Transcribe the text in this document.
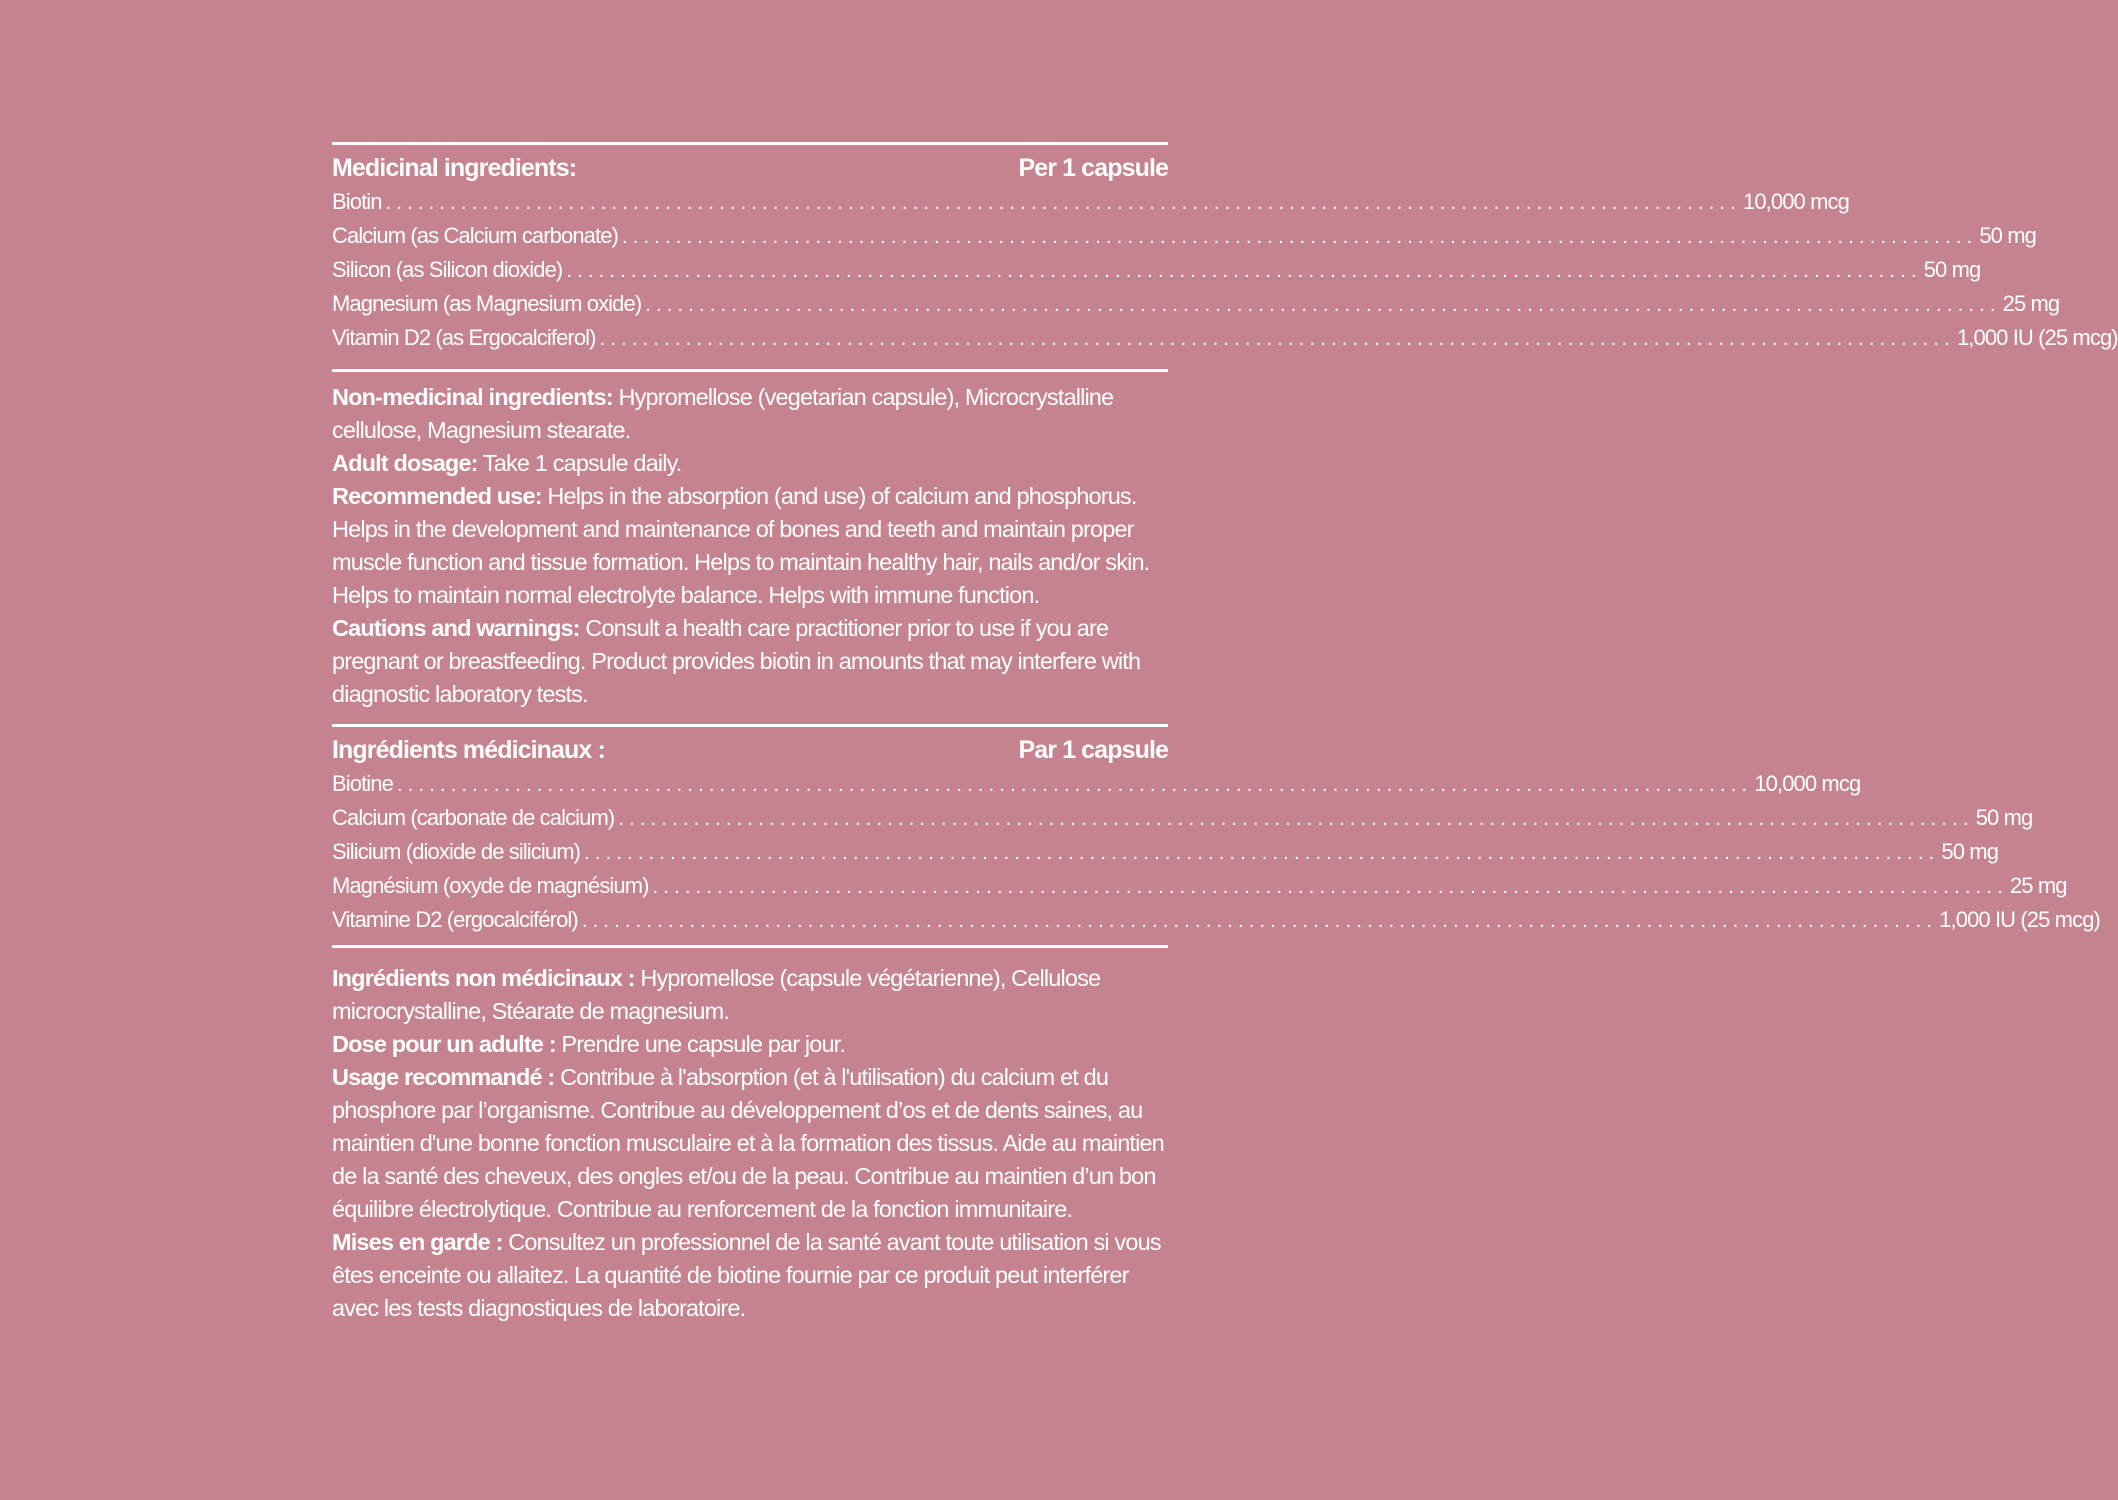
Medicinal ingredients:	Per 1 capsule
Biotin .............................................................................................................................. 10,000 mcg
Calcium (as Calcium carbonate) .............................................................................................................................. 50 mg
Silicon (as Silicon dioxide) .............................................................................................................................. 50 mg
Magnesium (as Magnesium oxide) .............................................................................................................................. 25 mg
Vitamin D2 (as Ergocalciferol) .............................................................................................................................. 1,000 IU (25 mcg)

Non-medicinal ingredients: Hypromellose (vegetarian capsule), Microcrystalline cellulose, Magnesium stearate.

Adult dosage: Take 1 capsule daily.

Recommended use: Helps in the absorption (and use) of calcium and phosphorus. Helps in the development and maintenance of bones and teeth and maintain proper muscle function and tissue formation. Helps to maintain healthy hair, nails and/or skin. Helps to maintain normal electrolyte balance. Helps with immune function.

Cautions and warnings: Consult a health care practitioner prior to use if you are pregnant or breastfeeding. Product provides biotin in amounts that may interfere with diagnostic laboratory tests.

Ingrédients médicinaux :	Par 1 capsule
Biotine .............................................................................................................................. 10,000 mcg
Calcium (carbonate de calcium) .............................................................................................................................. 50 mg
Silicium (dioxide de silicium) .............................................................................................................................. 50 mg
Magnésium (oxyde de magnésium) .............................................................................................................................. 25 mg
Vitamine D2 (ergocalciférol) .............................................................................................................................. 1,000 IU (25 mcg)

Ingrédients non médicinaux : Hypromellose (capsule végétarienne), Cellulose microcrystalline, Stéarate de magnesium.

Dose pour un adulte : Prendre une capsule par jour.

Usage recommandé : Contribue à l'absorption (et à l'utilisation) du calcium et du phosphore par l’organisme. Contribue au développement d’os et de dents saines, au maintien d'une bonne fonction musculaire et à la formation des tissus. Aide au maintien de la santé des cheveux, des ongles et/ou de la peau. Contribue au maintien d’un bon équilibre électrolytique. Contribue au renforcement de la fonction immunitaire.

Mises en garde : Consultez un professionnel de la santé avant toute utilisation si vous êtes enceinte ou allaitez. La quantité de biotine fournie par ce produit peut interférer avec les tests diagnostiques de laboratoire.
